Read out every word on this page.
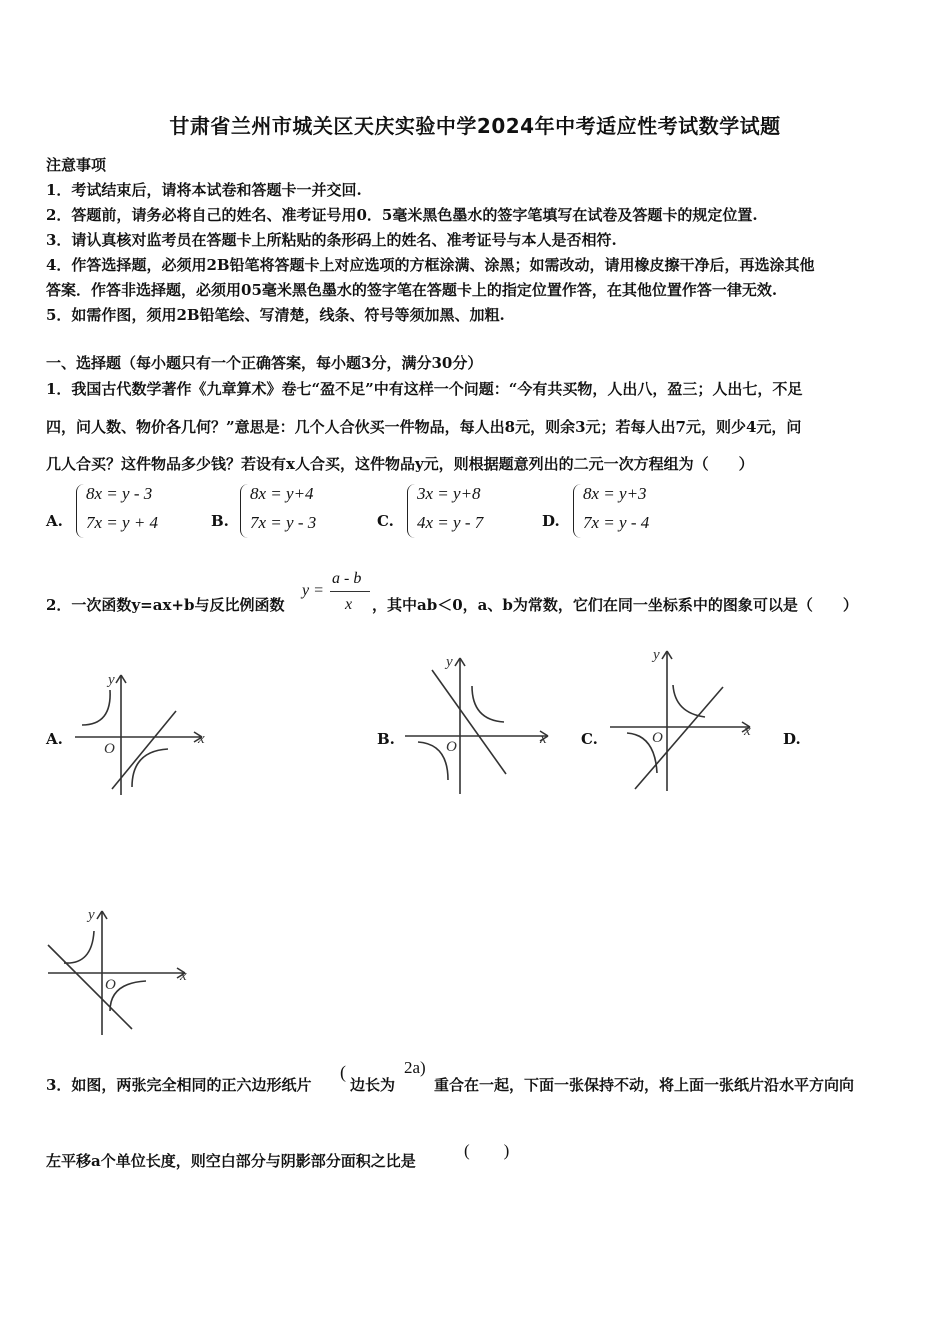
甘肃省兰州市城关区天庆实验中学2024年中考适应性考试数学试题
注意事项
1．考试结束后，请将本试卷和答题卡一并交回.
2．答题前，请务必将自己的姓名、准考证号用0．5毫米黑色墨水的签字笔填写在试卷及答题卡的规定位置.
3．请认真核对监考员在答题卡上所粘贴的条形码上的姓名、准考证号与本人是否相符.
4．作答选择题，必须用2B铅笔将答题卡上对应选项的方框涂满、涂黑；如需改动，请用橡皮擦干净后，再选涂其他
答案．作答非选择题，必须用05毫米黑色墨水的签字笔在答题卡上的指定位置作答，在其他位置作答一律无效.
5．如需作图，须用2B铅笔绘、写清楚，线条、符号等须加黑、加粗.
一、选择题（每小题只有一个正确答案，每小题3分，满分30分）
1．我国古代数学著作《九章算术》卷七“盈不足”中有这样一个问题：“今有共买物，人出八，盈三；人出七，不足
四，问人数、物价各几何？”意思是：几个人合伙买一件物品，每人出8元，则余3元；若每人出7元，则少4元，问
几人合买？这件物品多少钱？若设有x人合买，这件物品y元，则根据题意列出的二元一次方程组为（　　）
A.
8x = y - 3
7x = y + 4	B.
8x = y+4
7x = y - 3	C.
3x = y+8
4x = y - 7	D.
8x = y+3
7x = y - 4
2．一次函数y=ax+b与反比例函数
y =
a - b
x ，其中ab＜0，a、b为常数，它们在同一坐标系中的图象可以是（　　）
A.
y
x
O
B.
y
x
O	C.
y
x
O	D.
y
x
O
3．如图，两张完全相同的正六边形纸片
(
边长为
2a)
重合在一起，下面一张保持不动，将上面一张纸片沿水平方向向
左平移a个单位长度，则空白部分与阴影部分面积之比是
(　　)
